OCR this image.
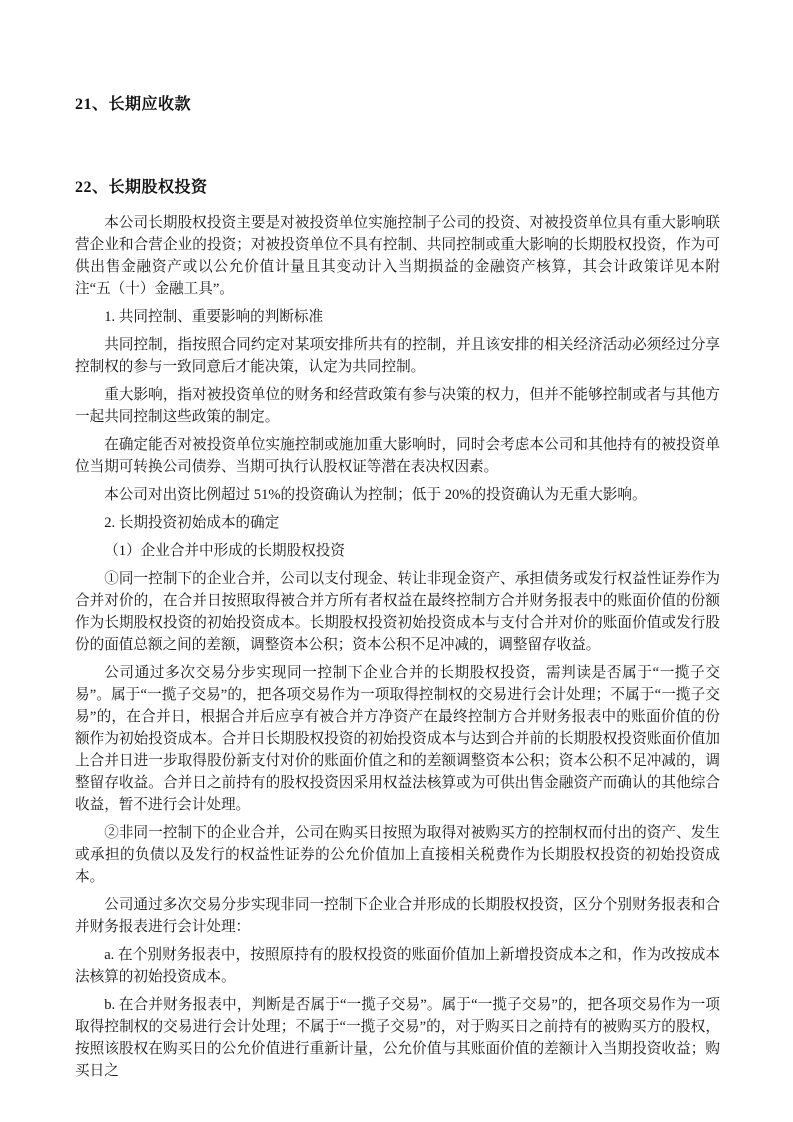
21、长期应收款
22、长期股权投资

本公司长期股权投资主要是对被投资单位实施控制子公司的投资、对被投资单位具有重大影响联营企业和合营企业的投资；对被投资单位不具有控制、共同控制或重大影响的长期股权投资，作为可供出售金融资产或以公允价值计量且其变动计入当期损益的金融资产核算，其会计政策详见本附注“五（十）金融工具”。

1. 共同控制、重要影响的判断标准

共同控制，指按照合同约定对某项安排所共有的控制，并且该安排的相关经济活动必须经过分享控制权的参与一致同意后才能决策，认定为共同控制。

重大影响，指对被投资单位的财务和经营政策有参与决策的权力，但并不能够控制或者与其他方一起共同控制这些政策的制定。

在确定能否对被投资单位实施控制或施加重大影响时，同时会考虑本公司和其他持有的被投资单位当期可转换公司债券、当期可执行认股权证等潜在表决权因素。

本公司对出资比例超过 51%的投资确认为控制；低于 20%的投资确认为无重大影响。

2. 长期投资初始成本的确定

（1）企业合并中形成的长期股权投资

①同一控制下的企业合并，公司以支付现金、转让非现金资产、承担债务或发行权益性证券作为合并对价的，在合并日按照取得被合并方所有者权益在最终控制方合并财务报表中的账面价值的份额作为长期股权投资的初始投资成本。长期股权投资初始投资成本与支付合并对价的账面价值或发行股份的面值总额之间的差额，调整资本公积；资本公积不足冲减的，调整留存收益。

公司通过多次交易分步实现同一控制下企业合并的长期股权投资，需判读是否属于“一揽子交易”。属于“一揽子交易”的，把各项交易作为一项取得控制权的交易进行会计处理；不属于“一揽子交易”的，在合并日，根据合并后应享有被合并方净资产在最终控制方合并财务报表中的账面价值的份额作为初始投资成本。合并日长期股权投资的初始投资成本与达到合并前的长期股权投资账面价值加上合并日进一步取得股份新支付对价的账面价值之和的差额调整资本公积；资本公积不足冲减的，调整留存收益。合并日之前持有的股权投资因采用权益法核算或为可供出售金融资产而确认的其他综合收益，暂不进行会计处理。

②非同一控制下的企业合并，公司在购买日按照为取得对被购买方的控制权而付出的资产、发生或承担的负债以及发行的权益性证券的公允价值加上直接相关税费作为长期股权投资的初始投资成本。

公司通过多次交易分步实现非同一控制下企业合并形成的长期股权投资，区分个别财务报表和合并财务报表进行会计处理：

a. 在个别财务报表中，按照原持有的股权投资的账面价值加上新增投资成本之和，作为改按成本法核算的初始投资成本。

b. 在合并财务报表中，判断是否属于“一揽子交易”。属于“一揽子交易”的，把各项交易作为一项取得控制权的交易进行会计处理；不属于“一揽子交易”的，对于购买日之前持有的被购买方的股权，按照该股权在购买日的公允价值进行重新计量，公允价值与其账面价值的差额计入当期投资收益；购买日之
